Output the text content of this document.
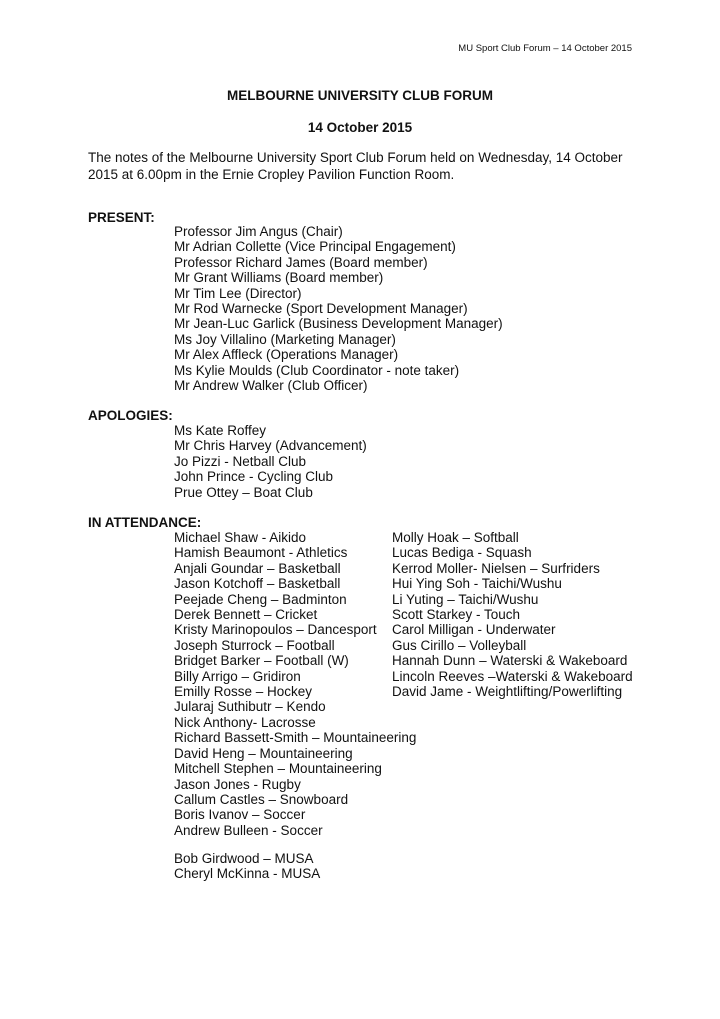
MU Sport Club Forum – 14 October 2015
MELBOURNE UNIVERSITY CLUB FORUM
14 October 2015
The notes of the Melbourne University Sport Club Forum held on Wednesday, 14 October 2015 at 6.00pm in the Ernie Cropley Pavilion Function Room.
PRESENT:
Professor Jim Angus (Chair)
Mr Adrian Collette (Vice Principal Engagement)
Professor Richard James (Board member)
Mr Grant Williams (Board member)
Mr Tim Lee (Director)
Mr Rod Warnecke (Sport Development Manager)
Mr Jean-Luc Garlick (Business Development Manager)
Ms Joy Villalino (Marketing Manager)
Mr Alex Affleck (Operations Manager)
Ms Kylie Moulds (Club Coordinator - note taker)
Mr Andrew Walker (Club Officer)
APOLOGIES:
Ms Kate Roffey
Mr Chris Harvey (Advancement)
Jo Pizzi - Netball Club
John Prince - Cycling Club
Prue Ottey – Boat Club
IN ATTENDANCE:
Michael Shaw - Aikido
Hamish Beaumont - Athletics
Anjali Goundar – Basketball
Jason Kotchoff – Basketball
Peejade Cheng – Badminton
Derek Bennett – Cricket
Kristy Marinopoulos – Dancesport
Joseph Sturrock – Football
Bridget Barker – Football (W)
Billy Arrigo – Gridiron
Emilly Rosse – Hockey
Jularaj Suthibutr – Kendo
Nick Anthony- Lacrosse
Richard Bassett-Smith – Mountaineering
David Heng – Mountaineering
Mitchell Stephen – Mountaineering
Jason Jones - Rugby
Callum Castles – Snowboard
Boris Ivanov – Soccer
Andrew Bulleen - Soccer
Molly Hoak – Softball
Lucas Bediga - Squash
Kerrod Moller- Nielsen – Surfriders
Hui Ying Soh - Taichi/Wushu
Li Yuting – Taichi/Wushu
Scott Starkey - Touch
Carol Milligan - Underwater
Gus Cirillo – Volleyball
Hannah Dunn – Waterski & Wakeboard
Lincoln Reeves –Waterski & Wakeboard
David Jame - Weightlifting/Powerlifting
Bob Girdwood – MUSA
Cheryl McKinna - MUSA
